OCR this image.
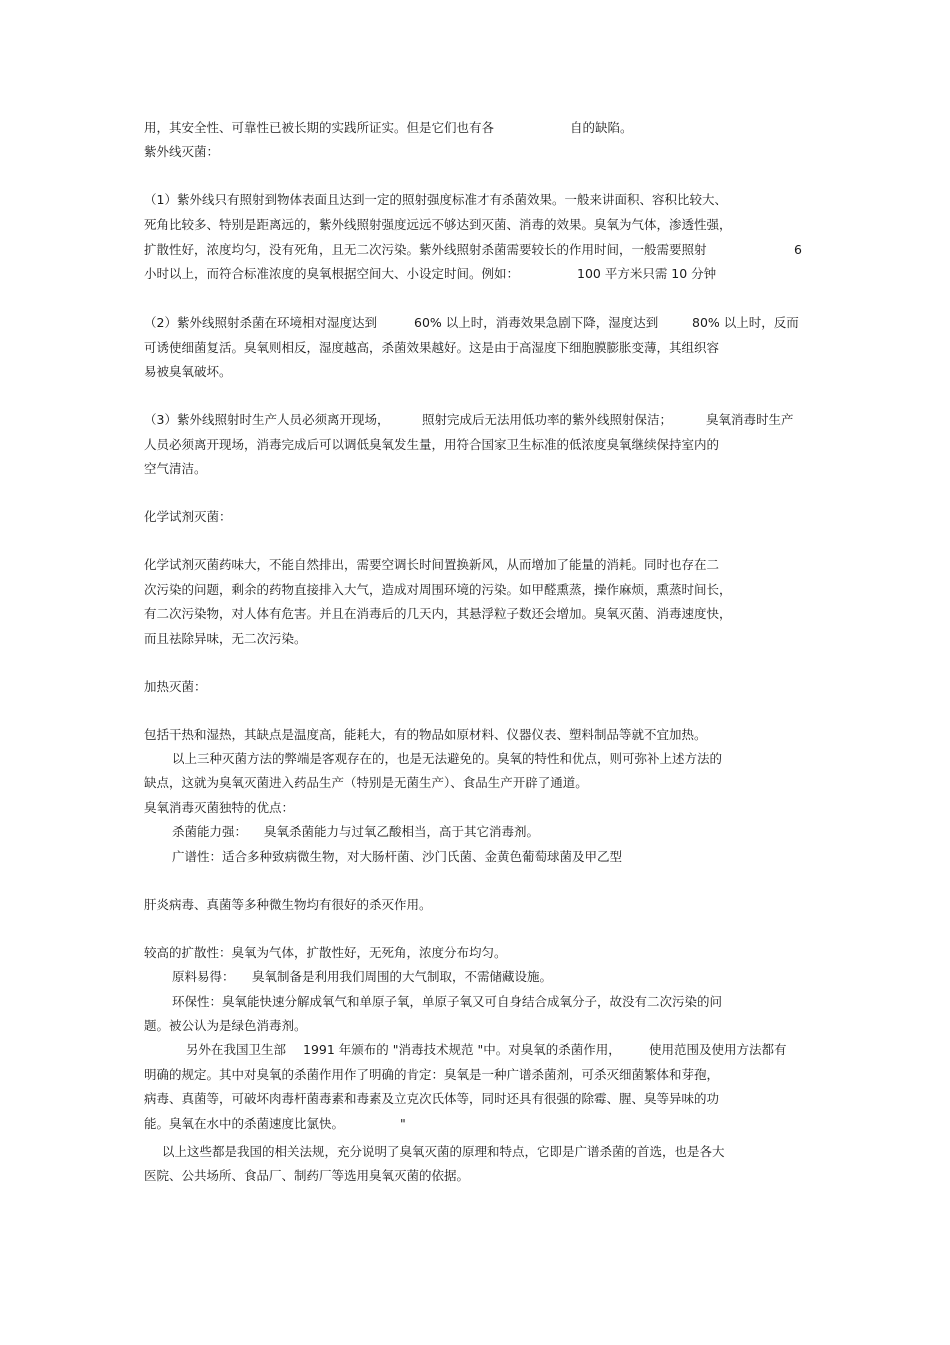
用，其安全性、可靠性已被长期的实践所证实。但是它们也有各	自的缺陷。
紫外线灭菌：
（1）紫外线只有照射到物体表面且达到一定的照射强度标准才有杀菌效果。一般来讲面积、容积比较大、
死角比较多、特别是距离远的，紫外线照射强度远远不够达到灭菌、消毒的效果。臭氧为气体，渗透性强，
扩散性好，浓度均匀，没有死角，且无二次污染。紫外线照射杀菌需要较长的作用时间，一般需要照射	6
小时以上，而符合标准浓度的臭氧根据空间大、小设定时间。例如：	100 平方米只需 10 分钟
（2）紫外线照射杀菌在环境相对湿度达到	60% 以上时，消毒效果急剧下降，湿度达到	80% 以上时，反而
可诱使细菌复活。臭氧则相反，湿度越高，杀菌效果越好。这是由于高湿度下细胞膜膨胀变薄，其组织容
易被臭氧破坏。
（3）紫外线照射时生产人员必须离开现场，	照射完成后无法用低功率的紫外线照射保洁；	臭氧消毒时生产
人员必须离开现场，消毒完成后可以调低臭氧发生量，用符合国家卫生标准的低浓度臭氧继续保持室内的
空气清洁。
化学试剂灭菌：
化学试剂灭菌药味大，不能自然排出，需要空调长时间置换新风，从而增加了能量的消耗。同时也存在二
次污染的问题，剩余的药物直接排入大气，造成对周围环境的污染。如甲醛熏蒸，操作麻烦，熏蒸时间长，
有二次污染物，对人体有危害。并且在消毒后的几天内，其悬浮粒子数还会增加。臭氧灭菌、消毒速度快，
而且祛除异味，无二次污染。
加热灭菌：
包括干热和湿热，其缺点是温度高，能耗大，有的物品如原材料、仪器仪表、塑料制品等就不宜加热。
以上三种灭菌方法的弊端是客观存在的，也是无法避免的。臭氧的特性和优点，则可弥补上述方法的
缺点，这就为臭氧灭菌进入药品生产（特别是无菌生产）、食品生产开辟了通道。
臭氧消毒灭菌独特的优点：
杀菌能力强： 臭氧杀菌能力与过氧乙酸相当，高于其它消毒剂。
广谱性：适合多种致病微生物，对大肠杆菌、沙门氏菌、金黄色葡萄球菌及甲乙型
肝炎病毒、真菌等多种微生物均有很好的杀灭作用。
较高的扩散性：臭氧为气体，扩散性好，无死角，浓度分布均匀。
原料易得： 臭氧制备是利用我们周围的大气制取，不需储藏设施。
环保性：臭氧能快速分解成氧气和单原子氧，单原子氧又可自身结合成氧分子，故没有二次污染的问
题。被公认为是绿色消毒剂。
另外在我国卫生部 1991 年颁布的 "消毒技术规范 "中。对臭氧的杀菌作用， 使用范围及使用方法都有
明确的规定。其中对臭氧的杀菌作用作了明确的肯定：臭氧是一种广谱杀菌剂，可杀灭细菌繁体和芽孢，
病毒、真菌等，可破坏肉毒杆菌毒素和毒素及立克次氏体等，同时还具有很强的除霉、腥、臭等异味的功
能。臭氧在水中的杀菌速度比氯快。	"
以上这些都是我国的相关法规，充分说明了臭氧灭菌的原理和特点，它即是广谱杀菌的首选，也是各大
医院、公共场所、食品厂、制药厂等选用臭氧灭菌的依据。
